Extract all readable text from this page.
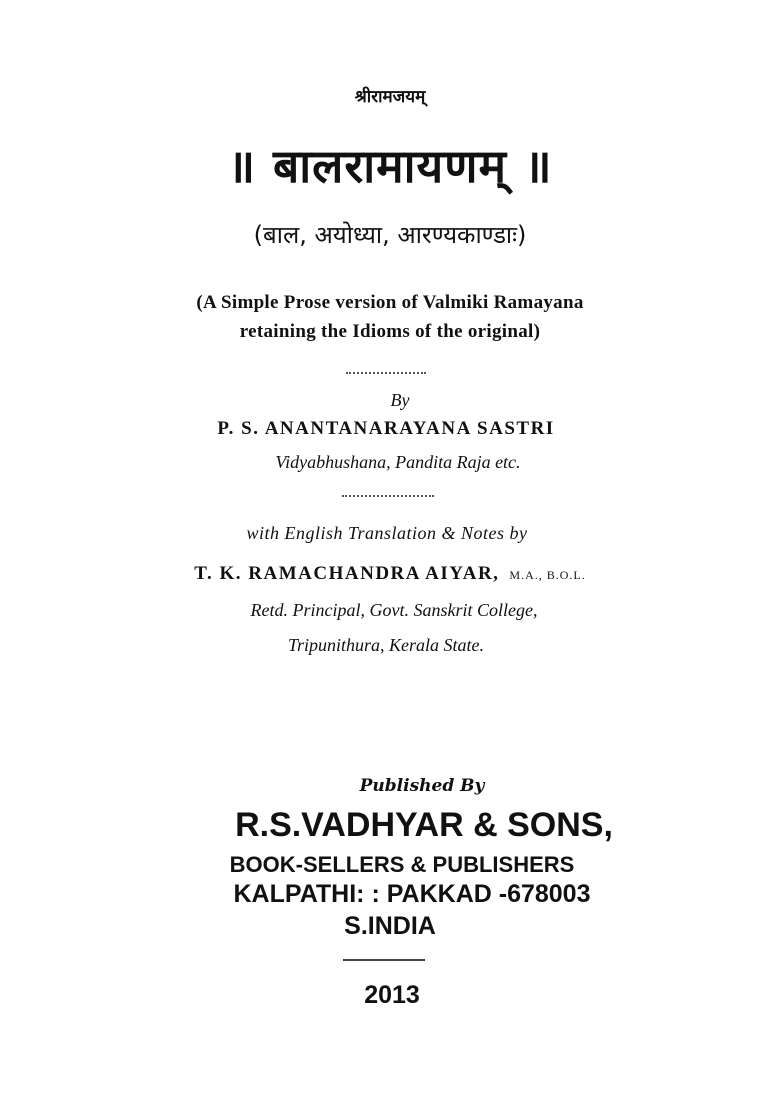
श्रीरामजयम्
॥ बालरामायणम् ॥
(बाल, अयोध्या, आरण्यकाण्डाः)
(A Simple Prose version of Valmiki Ramayana
retaining the Idioms of the original)
By
P. S. ANANTANARAYANA SASTRI
Vidyabhushana, Pandita Raja etc.
with English Translation & Notes by
T. K. RAMACHANDRA AIYAR, M.A., B.O.L.
Retd. Principal, Govt. Sanskrit College,
Tripunithura, Kerala State.
Published By
R.S.VADHYAR & SONS,
BOOK-SELLERS & PUBLISHERS
KALPATHI: : PAKKAD -678003
S.INDIA
2013
